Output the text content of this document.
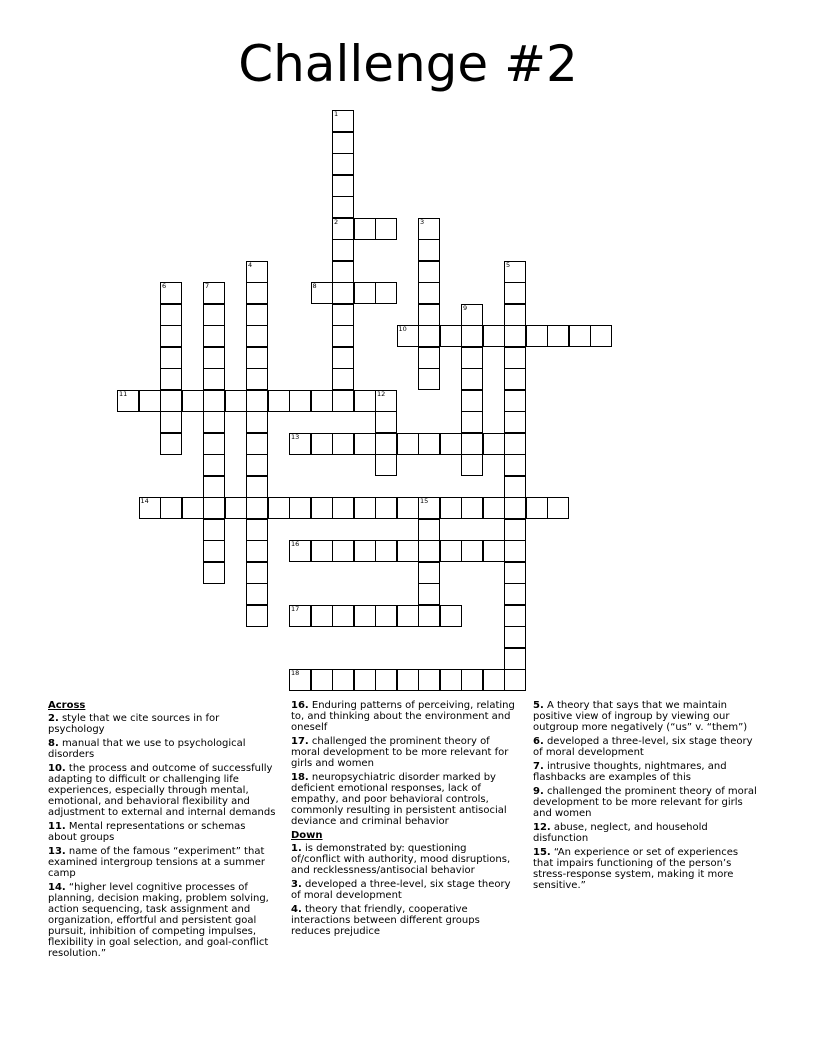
Challenge #2
1
2	3
4	5
6	7	8
9
10
11	12
13
14	15
16
17
18
Across
2. style that we cite sources in for psychology
8. manual that we use to psychological disorders
10. the process and outcome of successfully adapting to difficult or challenging life experiences, especially through mental, emotional, and behavioral flexibility and adjustment to external and internal demands
11. Mental representations or schemas about groups
13. name of the famous “experiment” that examined intergroup tensions at a summer camp
14. “higher level cognitive processes of planning, decision making, problem solving, action sequencing, task assignment and organization, effortful and persistent goal pursuit, inhibition of competing impulses, flexibility in goal selection, and goal-conflict resolution.”
16. Enduring patterns of perceiving, relating to, and thinking about the environment and oneself
17. challenged the prominent theory of moral development to be more relevant for girls and women
18. neuropsychiatric disorder marked by deficient emotional responses, lack of empathy, and poor behavioral controls, commonly resulting in persistent antisocial deviance and criminal behavior
Down
1. is demonstrated by: questioning of/conflict with authority, mood disruptions, and recklessness/antisocial behavior
3. developed a three-level, six stage theory of moral development
4. theory that friendly, cooperative interactions between different groups reduces prejudice
5. A theory that says that we maintain positive view of ingroup by viewing our outgroup more negatively (“us” v. “them”)
6. developed a three-level, six stage theory of moral development
7. intrusive thoughts, nightmares, and flashbacks are examples of this
9. challenged the prominent theory of moral development to be more relevant for girls and women
12. abuse, neglect, and household disfunction
15. “An experience or set of experiences that impairs functioning of the person’s stress-response system, making it more sensitive.”
